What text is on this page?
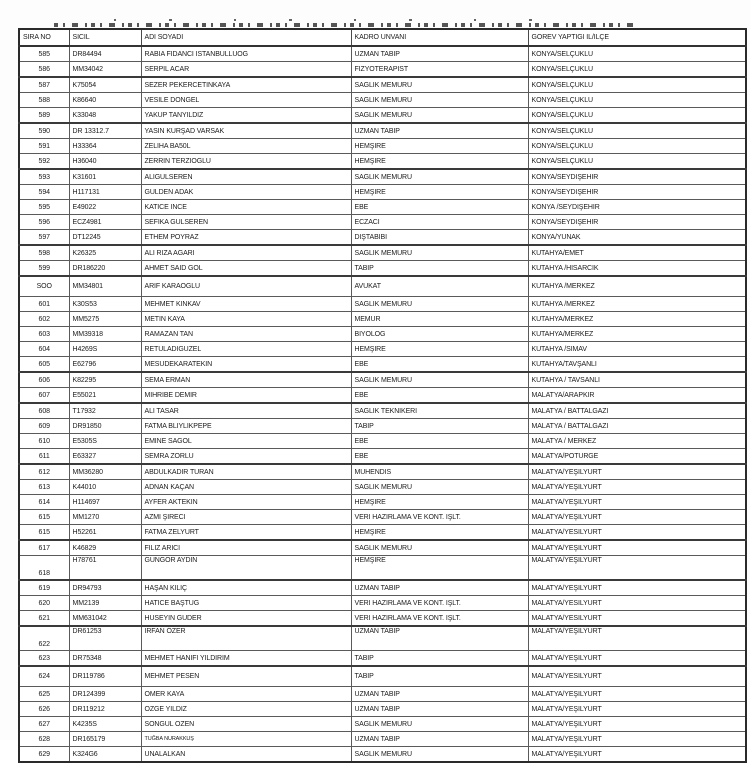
SIRA NO	SICIL	ADI SOYADI	KADRO UNVANI	GOREV YAPTIGI IL/ILÇE
585	DR84494	RABIA FIDANCI ISTANBULLUOG	UZMAN TABIP	KONYA/SELÇUKLU
586	MM34042	SERPIL ACAR	FIZYOTERAPIST	KONYA/SELÇUKLU
587	K75054	SEZER PEKERCETINKAYA	SAGLIK MEMURU	KONYA/SELÇUKLU
588	K86640	VESILE DONGEL	SAGLIK MEMURU	KONYA/SELÇUKLU
589	K33048	YAKUP TANYILDIZ	SAGLIK MEMURU	KONYA/SELÇUKLU
590	DR 13312.7	YASIN KURŞAD VARSAK	UZMAN TABIP	KONYA/SELÇUKLU
591	H33364	ZELIHA BA50L	HEMŞIRE	KONYA/SELÇUKLU
592	H36040	ZERRIN TERZIOGLU	HEMŞIRE	KONYA/SELÇUKLU
593	K31601	ALIGULSEREN	SAGLIK MEMURU	KONYA/SEYDIŞEHIR
594	H117131	GULDEN ADAK	HEMŞIRE	KONYA/SEYDIŞEHIR
595	E49022	KATICE INCE	EBE	KONYA /SEYDIŞEHIR
596	ECZ4981	SEFIKA GULSEREN	ECZACI	KONYA/SEYDIŞEHIR
597	DT12245	ETHEM POYRAZ	DIŞTABIBI	KONYA/YUNAK
598	K26325	ALI RIZA AGARI	SAGLIK MEMURU	KUTAHYA/EMET
599	DR186220	AHMET SAID GOL	TABIP	KUTAHYA /HISARCIK
SOO	MM34801	ARIF KARAOGLU	AVUKAT	KUTAHYA /MERKEZ
601	K30S53	MEHMET KINKAV	SAGLIK MEMURU	KUTAHYA /MERKEZ
602	MM5275	METIN KAYA	MEMUR	KUTAHYA/MERKEZ
603	MM39318	RAMAZAN TAN	BIYOLOG	KUTAHYA/MERKEZ
604	H4269S	RETULADIGUZEL	HEMŞIRE	KUTAHYA /SIMAV
605	E62796	MESUDEKARATEKIN	EBE	KUTAHYA/TAVŞANLI
606	K82295	SEMA ERMAN	SAGLIK MEMURU	KUTAHYA / TAVSANLI
607	E55021	MIHRIBE DEMIR	EBE	MALATYA/ARAPKIR
608	T17932	ALI TASAR	SAGLIK TEKNIKERI	MALATYA / BATTALGAZI
609	DR91850	FATMA BLIYLIKPEPE	TABIP	MALATYA / BATTALGAZI
610	E5305S	EMINE SAGOL	EBE	MALATYA / MERKEZ
611	E63327	SEMRA ZORLU	EBE	MALATYA/POTURGE
612	MM36280	ABDULKADIR TURAN	MUHENDIS	MALATYA/YEŞILYURT
613	K44010	ADNAN KAÇAN	SAGLIK MEMURU	MALATYA/YEŞILYURT
614	H114697	AYFER AKTEKIN	HEMŞIRE	MALATYA/YEŞILYURT
615	MM1270	AZMI ŞIRECI	VERI HAZIRLAMA VE KONT. IŞLT.	MALATYA/YEŞILYURT
615	H52261	FATMA ZELYURT	HEMŞIRE	MALATYA/YESILYURT
617	K46829	FILIZ ARICI	SAGLIK MEMURU	MALATYA/YEŞILYURT
618	H78761	GUNGOR AYDIN	HEMŞIRE	MALATYA/YEŞILYURT
619	DR94793	HAŞAN KILIÇ	UZMAN TABIP	MALATYA/YEŞILYURT
620	MM2139	HATICE BAŞTUG	VERI HAZIRLAMA VE KONT. IŞLT.	MALATYA/YESILYURT
621	MM631042	HUSEYIN GUDER	VERI HAZIRLAMA VE KONT. IŞLT.	MALATYA/YESILYURT
622	DR61253	IRFAN ÖZER	UZMAN TABIP	MALATYA/YEŞILYURT
623	DR75348	MEHMET HANIFI YILDIRIM	TABIP	MALATYA/YEŞILYURT
624	DR119786	MEHMET PESEN	TABIP	MALATYA/YESILYURT
625	DR124399	OMER KAYA	UZMAN TABIP	MALATYA/YEŞILYURT
626	DR119212	OZGE YILDIZ	UZMAN TABIP	MALATYA/YEŞILYURT
627	K4235S	SONGUL OZEN	SAGLIK MEMURU	MALATYA/YEŞILYURT
628	DR165179	TUĞBA NURAKKUŞ	UZMAN TABIP	MALATYA/YEŞILYURT
629	K324G6	UNALALKAN	SAGLIK MEMURU	MALATYA/YEŞILYURT
